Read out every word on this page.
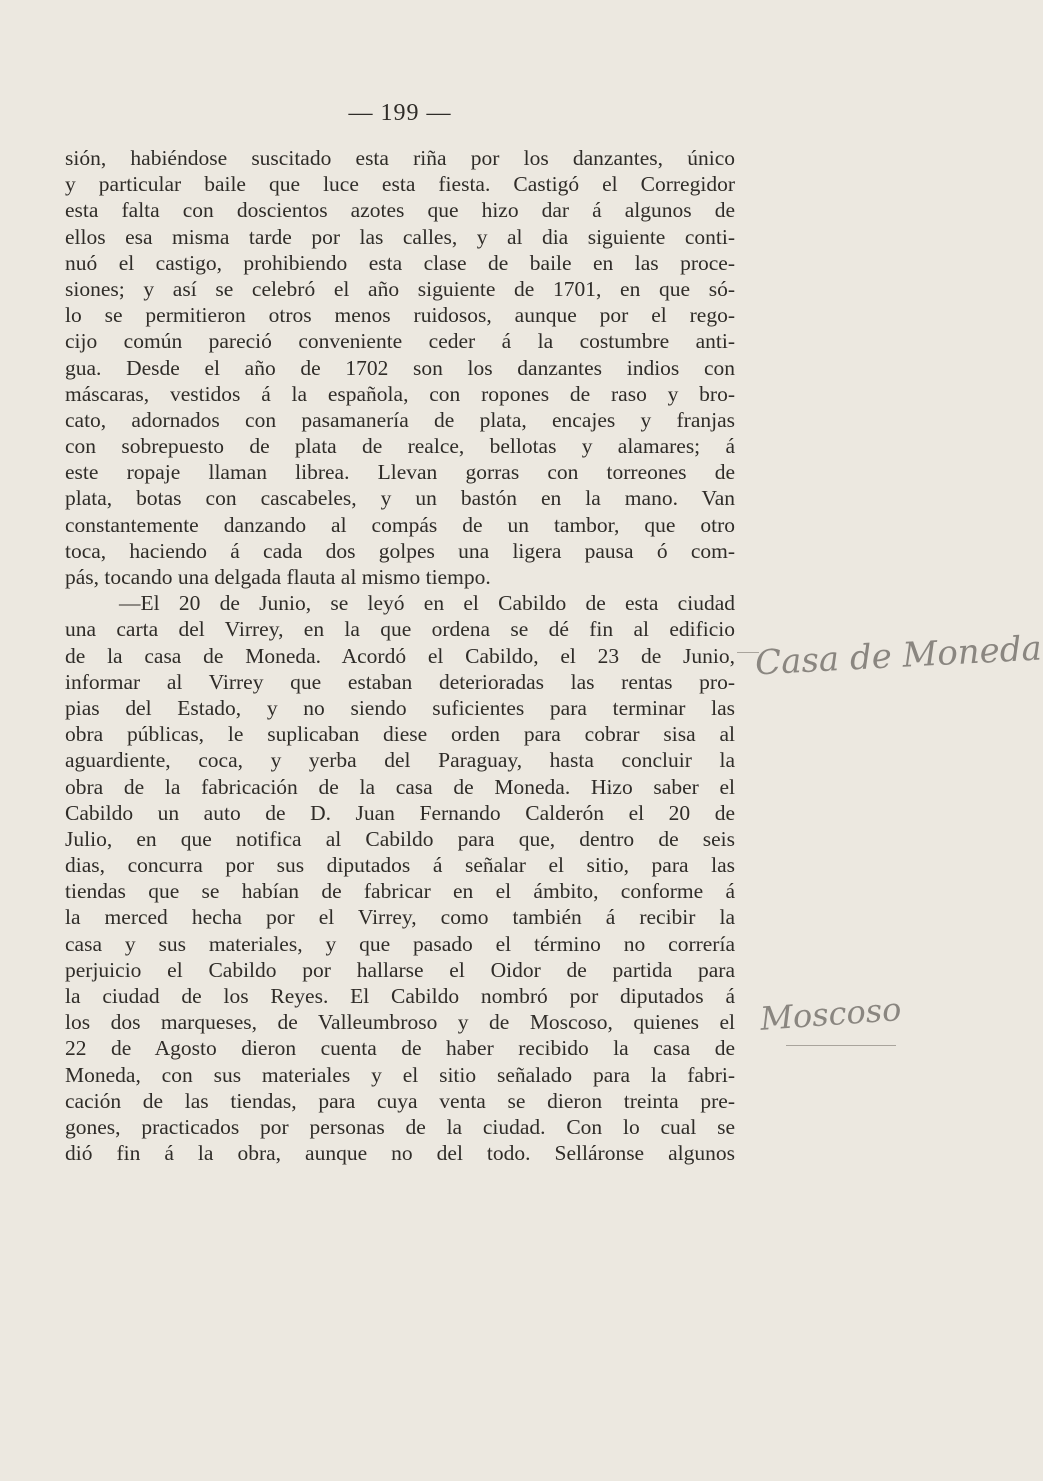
— 199 —
sión, habiéndose suscitado esta riña por los danzantes, único
y particular baile que luce esta fiesta. Castigó el Corregidor
esta falta con doscientos azotes que hizo dar á algunos de
ellos esa misma tarde por las calles, y al dia siguiente conti-
nuó el castigo, prohibiendo esta clase de baile en las proce-
siones; y así se celebró el año siguiente de 1701, en que só-
lo se permitieron otros menos ruidosos, aunque por el rego-
cijo común pareció conveniente ceder á la costumbre anti-
gua. Desde el año de 1702 son los danzantes indios con
máscaras, vestidos á la española, con ropones de raso y bro-
cato, adornados con pasamanería de plata, encajes y franjas
con sobrepuesto de plata de realce, bellotas y alamares; á
este ropaje llaman librea. Llevan gorras con torreones de
plata, botas con cascabeles, y un bastón en la mano. Van
constantemente danzando al compás de un tambor, que otro
toca, haciendo á cada dos golpes una ligera pausa ó com-
pás, tocando una delgada flauta al mismo tiempo.
—El 20 de Junio, se leyó en el Cabildo de esta ciudad
una carta del Virrey, en la que ordena se dé fin al edificio
de la casa de Moneda. Acordó el Cabildo, el 23 de Junio,
informar al Virrey que estaban deterioradas las rentas pro-
pias del Estado, y no siendo suficientes para terminar las
obra públicas, le suplicaban diese orden para cobrar sisa al
aguardiente, coca, y yerba del Paraguay, hasta concluir la
obra de la fabricación de la casa de Moneda. Hizo saber el
Cabildo un auto de D. Juan Fernando Calderón el 20 de
Julio, en que notifica al Cabildo para que, dentro de seis
dias, concurra por sus diputados á señalar el sitio, para las
tiendas que se habían de fabricar en el ámbito, conforme á
la merced hecha por el Virrey, como también á recibir la
casa y sus materiales, y que pasado el término no correría
perjuicio el Cabildo por hallarse el Oidor de partida para
la ciudad de los Reyes. El Cabildo nombró por diputados á
los dos marqueses, de Valleumbroso y de Moscoso, quienes el
22 de Agosto dieron cuenta de haber recibido la casa de
Moneda, con sus materiales y el sitio señalado para la fabri-
cación de las tiendas, para cuya venta se dieron treinta pre-
gones, practicados por personas de la ciudad. Con lo cual se
dió fin á la obra, aunque no del todo. Selláronse algunos
Casa de Moneda
Moscoso
